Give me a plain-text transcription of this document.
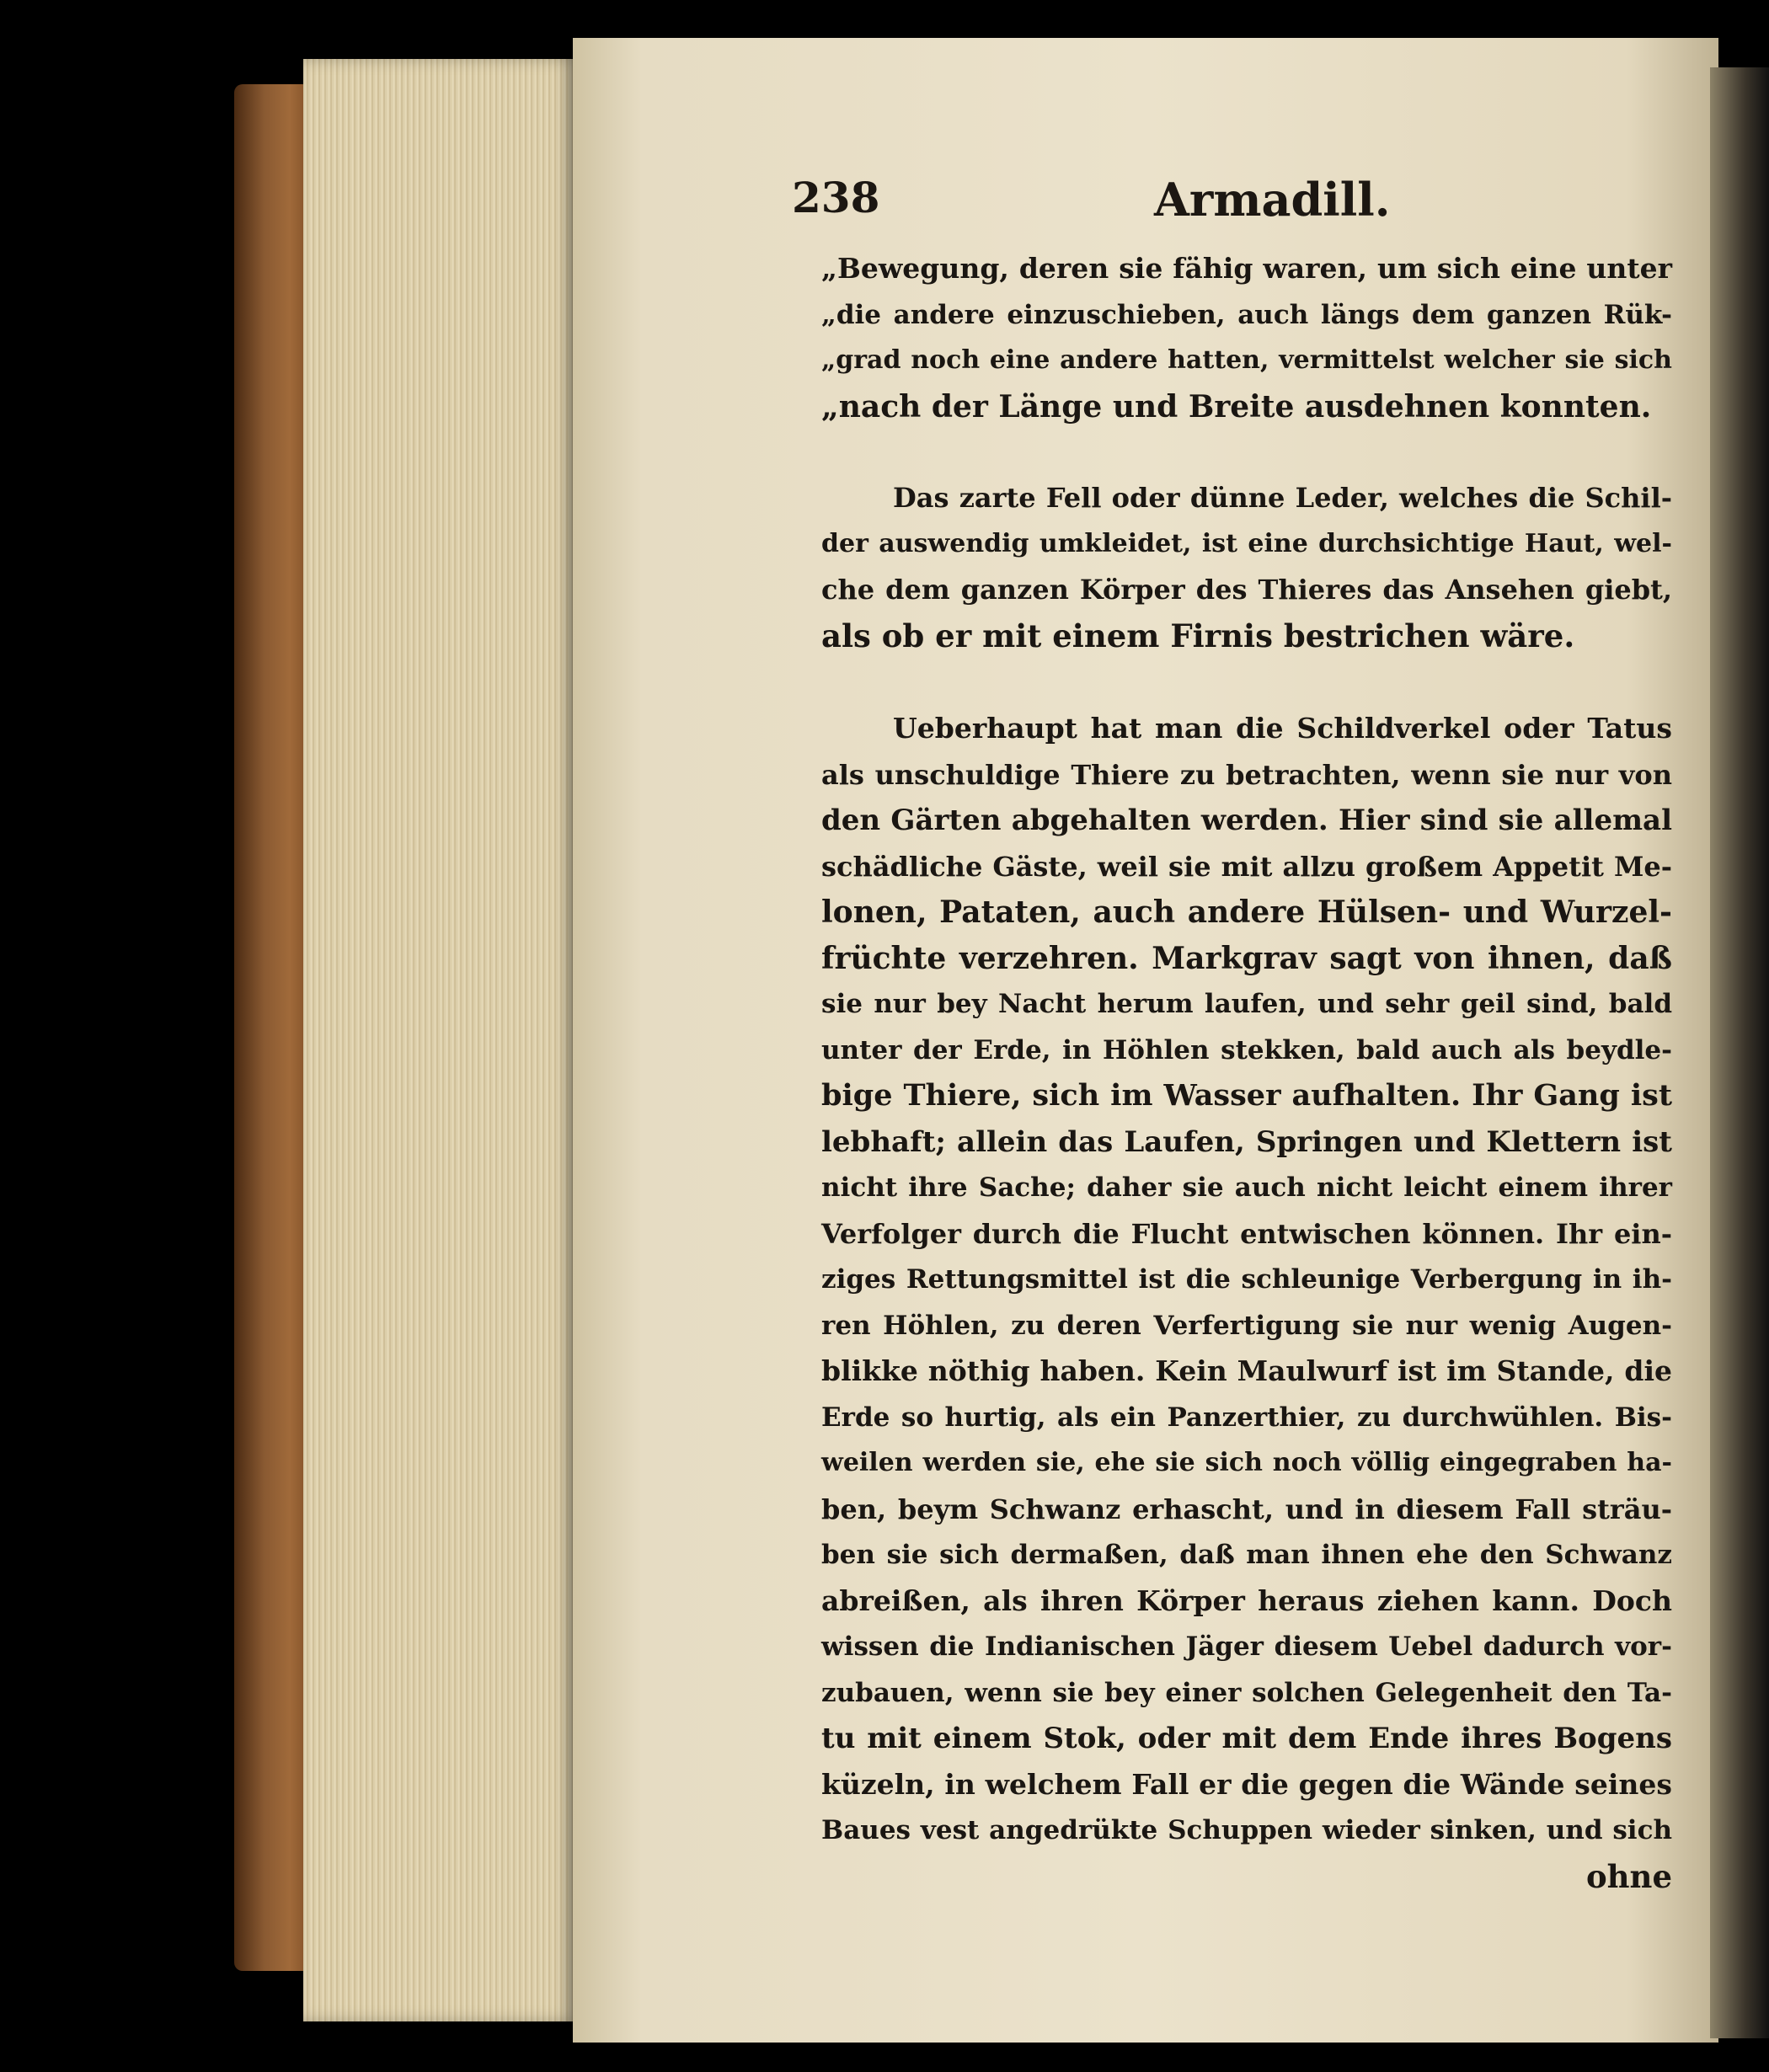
238	Armadill.
„Bewegung, deren sie fähig waren, um sich eine unter
„die andere einzuschieben, auch längs dem ganzen Rük-
„grad noch eine andere hatten, vermittelst welcher sie sich
„nach der Länge und Breite ausdehnen konnten.
Das zarte Fell oder dünne Leder, welches die Schil-
der auswendig umkleidet, ist eine durchsichtige Haut, wel-
che dem ganzen Körper des Thieres das Ansehen giebt,
als ob er mit einem Firnis bestrichen wäre.
Ueberhaupt hat man die Schildverkel oder Tatus
als unschuldige Thiere zu betrachten, wenn sie nur von
den Gärten abgehalten werden. Hier sind sie allemal
schädliche Gäste, weil sie mit allzu großem Appetit Me-
lonen, Pataten, auch andere Hülsen- und Wurzel-
früchte verzehren. Markgrav sagt von ihnen, daß
sie nur bey Nacht herum laufen, und sehr geil sind, bald
unter der Erde, in Höhlen stekken, bald auch als beydle-
bige Thiere, sich im Wasser aufhalten. Ihr Gang ist
lebhaft; allein das Laufen, Springen und Klettern ist
nicht ihre Sache; daher sie auch nicht leicht einem ihrer
Verfolger durch die Flucht entwischen können. Ihr ein-
ziges Rettungsmittel ist die schleunige Verbergung in ih-
ren Höhlen, zu deren Verfertigung sie nur wenig Augen-
blikke nöthig haben. Kein Maulwurf ist im Stande, die
Erde so hurtig, als ein Panzerthier, zu durchwühlen. Bis-
weilen werden sie, ehe sie sich noch völlig eingegraben ha-
ben, beym Schwanz erhascht, und in diesem Fall sträu-
ben sie sich dermaßen, daß man ihnen ehe den Schwanz
abreißen, als ihren Körper heraus ziehen kann. Doch
wissen die Indianischen Jäger diesem Uebel dadurch vor-
zubauen, wenn sie bey einer solchen Gelegenheit den Ta-
tu mit einem Stok, oder mit dem Ende ihres Bogens
küzeln, in welchem Fall er die gegen die Wände seines
Baues vest angedrükte Schuppen wieder sinken, und sich
ohne
